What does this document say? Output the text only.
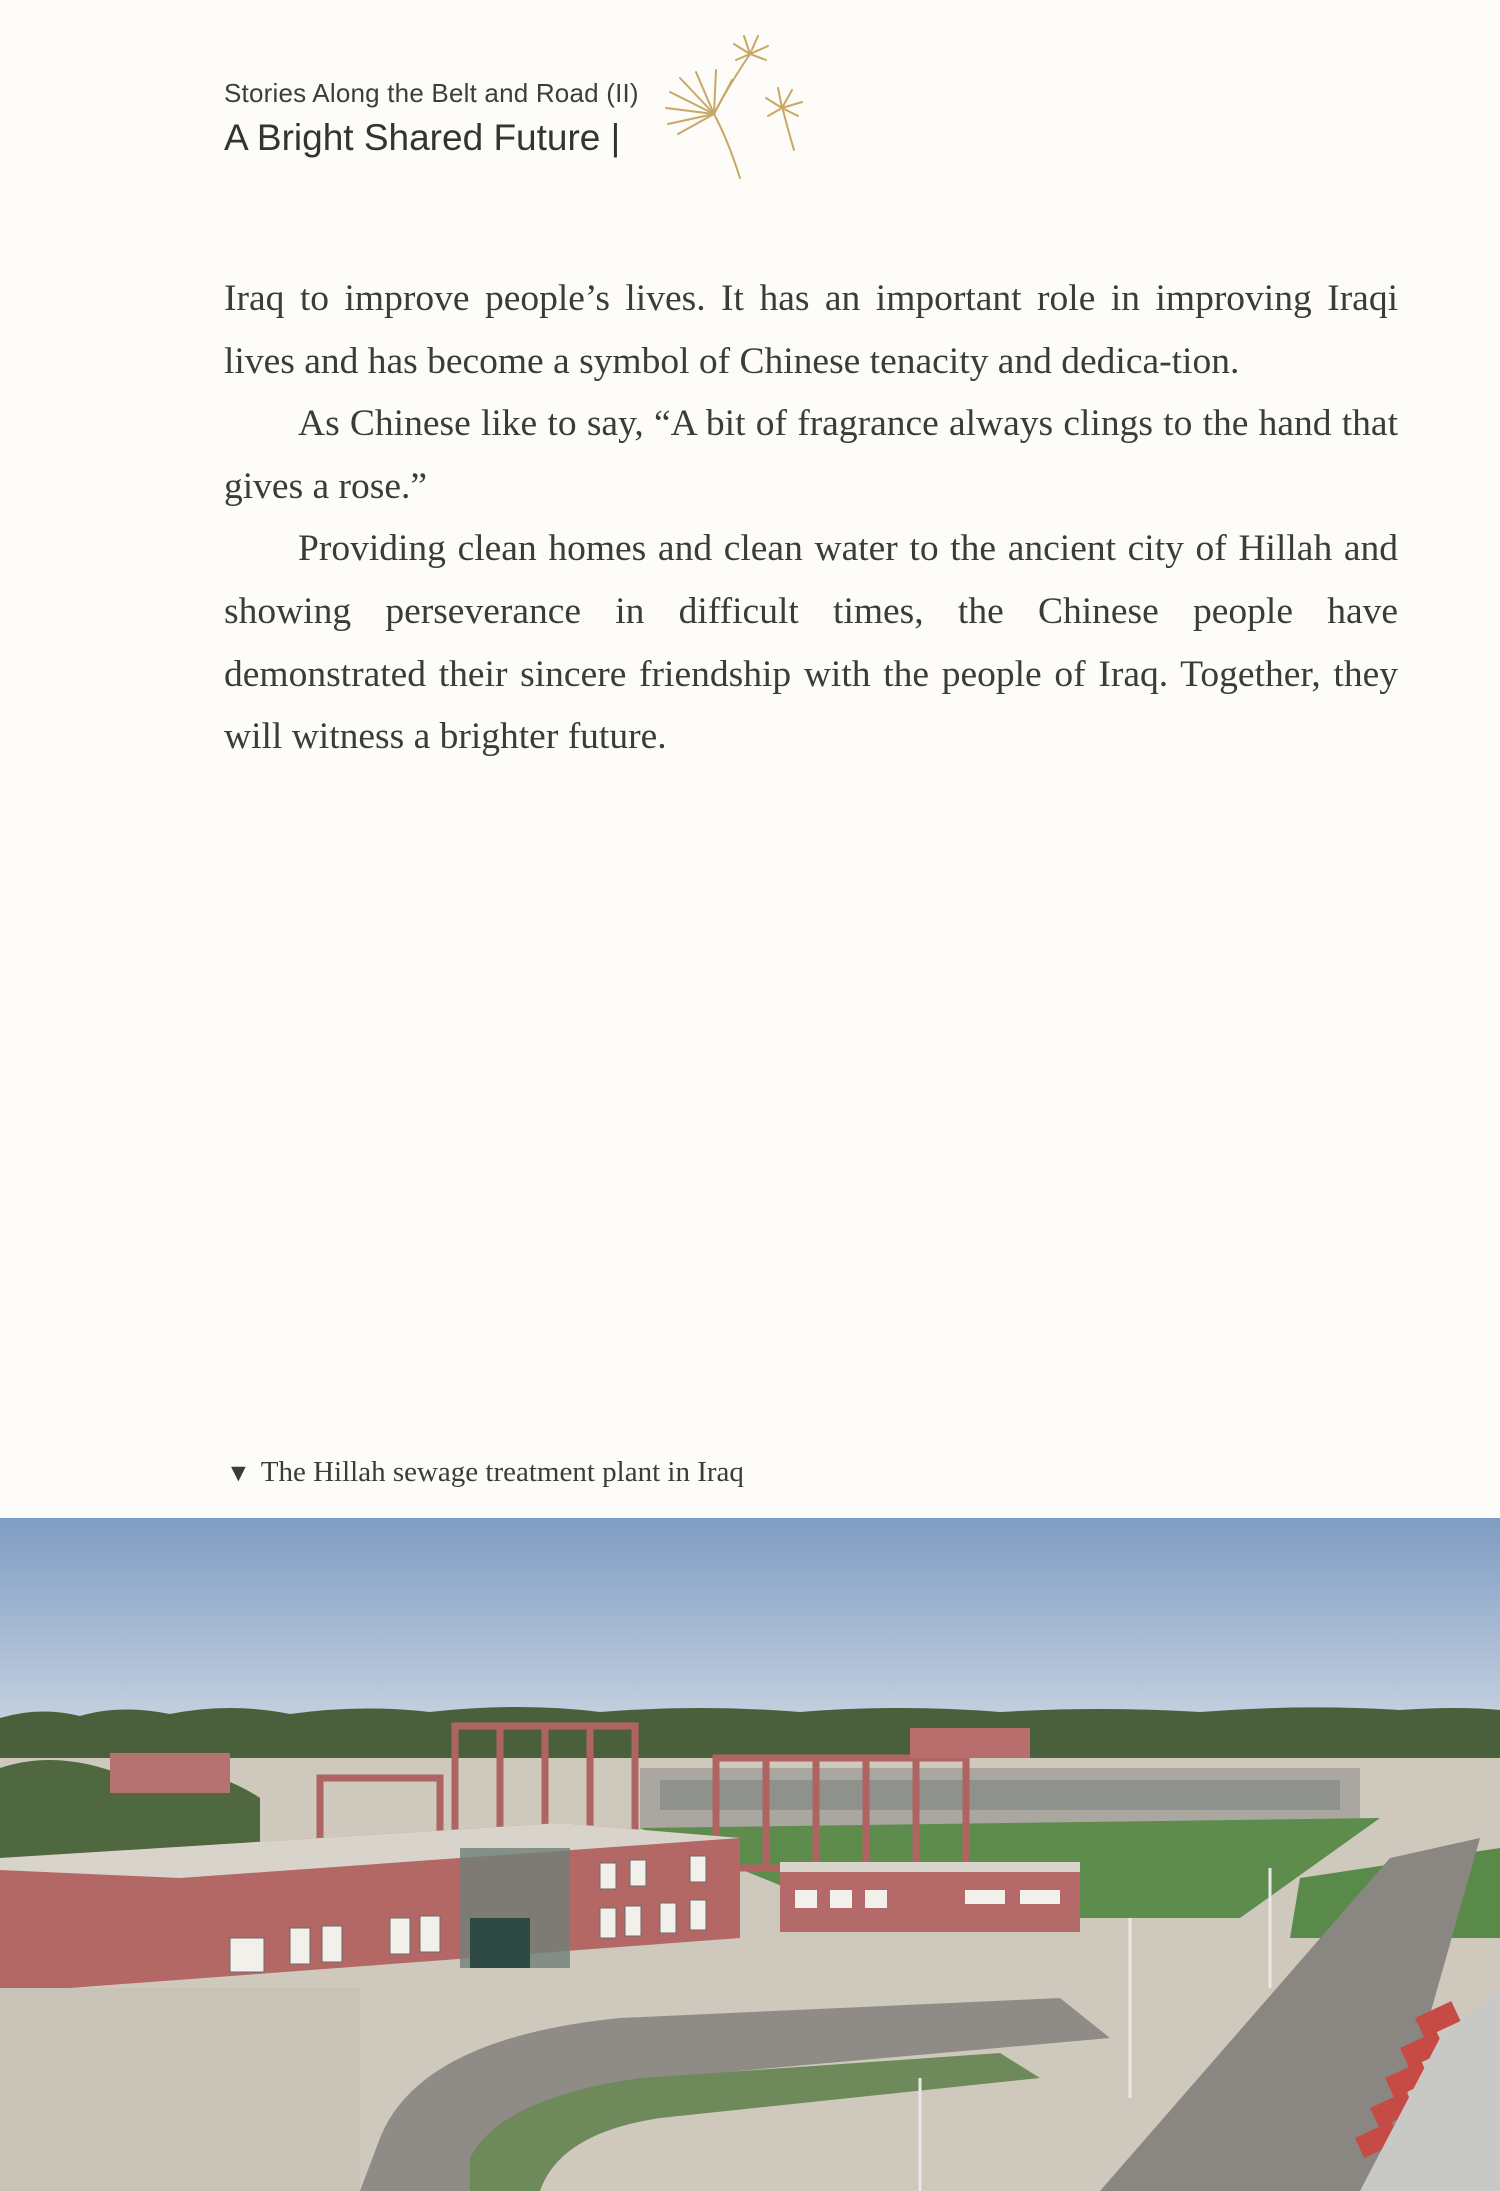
Stories Along the Belt and Road (II)
A Bright Shared Future |

Iraq to improve people’s lives. It has an important role in improving Iraqi lives and has become a symbol of Chinese tenacity and dedica-tion.

As Chinese like to say, “A bit of fragrance always clings to the hand that gives a rose.”

Providing clean homes and clean water to the ancient city of Hillah and showing perseverance in difficult times, the Chinese people have demonstrated their sincere friendship with the people of Iraq. Together, they will witness a brighter future.

▼ The Hillah sewage treatment plant in Iraq
